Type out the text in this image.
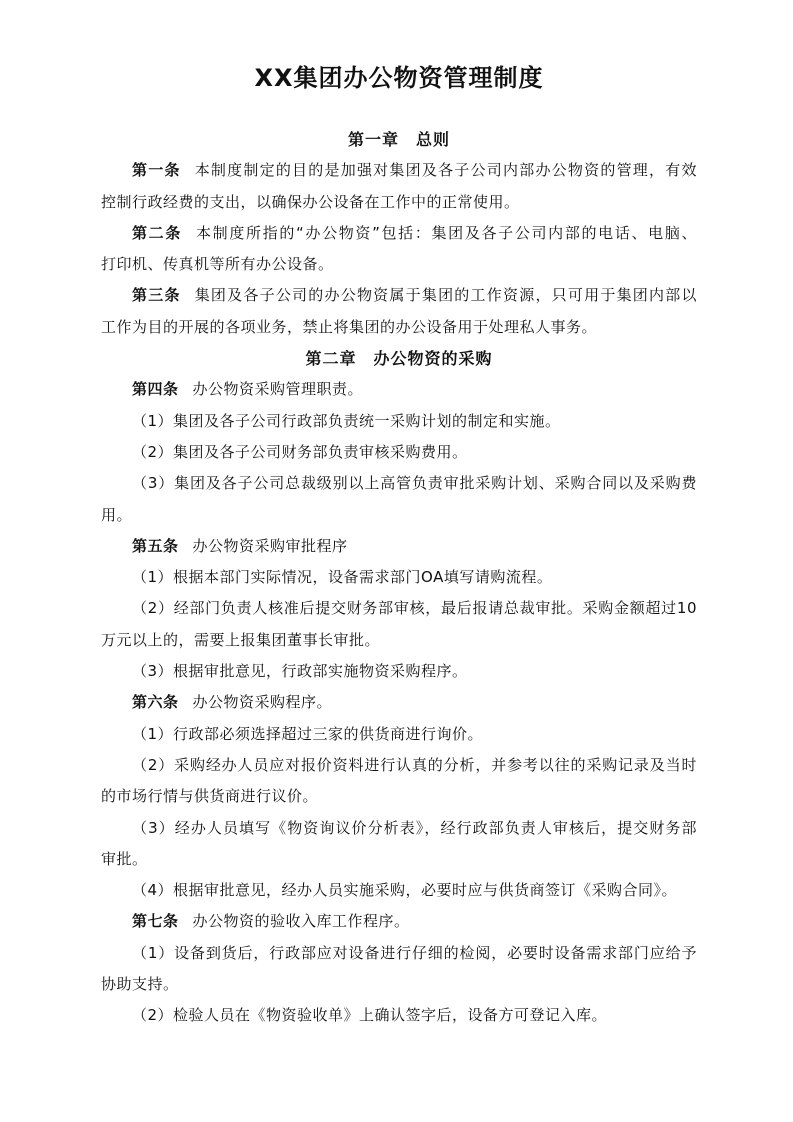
XX集团办公物资管理制度
第一章　总则
第一条 本制度制定的目的是加强对集团及各子公司内部办公物资的管理，有效
控制行政经费的支出，以确保办公设备在工作中的正常使用。
第二条 本制度所指的“办公物资”包括：集团及各子公司内部的电话、电脑、
打印机、传真机等所有办公设备。
第三条 集团及各子公司的办公物资属于集团的工作资源，只可用于集团内部以
工作为目的开展的各项业务，禁止将集团的办公设备用于处理私人事务。
第二章　办公物资的采购
第四条 办公物资采购管理职责。
（1）集团及各子公司行政部负责统一采购计划的制定和实施。
（2）集团及各子公司财务部负责审核采购费用。
（3）集团及各子公司总裁级别以上高管负责审批采购计划、采购合同以及采购费
用。
第五条 办公物资采购审批程序
（1）根据本部门实际情况，设备需求部门OA填写请购流程。
（2）经部门负责人核准后提交财务部审核，最后报请总裁审批。采购金额超过10
万元以上的，需要上报集团董事长审批。
（3）根据审批意见，行政部实施物资采购程序。
第六条 办公物资采购程序。
（1）行政部必须选择超过三家的供货商进行询价。
（2）采购经办人员应对报价资料进行认真的分析，并参考以往的采购记录及当时
的市场行情与供货商进行议价。
（3）经办人员填写《物资询议价分析表》，经行政部负责人审核后，提交财务部
审批。
（4）根据审批意见，经办人员实施采购，必要时应与供货商签订《采购合同》。
第七条 办公物资的验收入库工作程序。
（1）设备到货后，行政部应对设备进行仔细的检阅，必要时设备需求部门应给予
协助支持。
（2）检验人员在《物资验收单》上确认签字后，设备方可登记入库。
